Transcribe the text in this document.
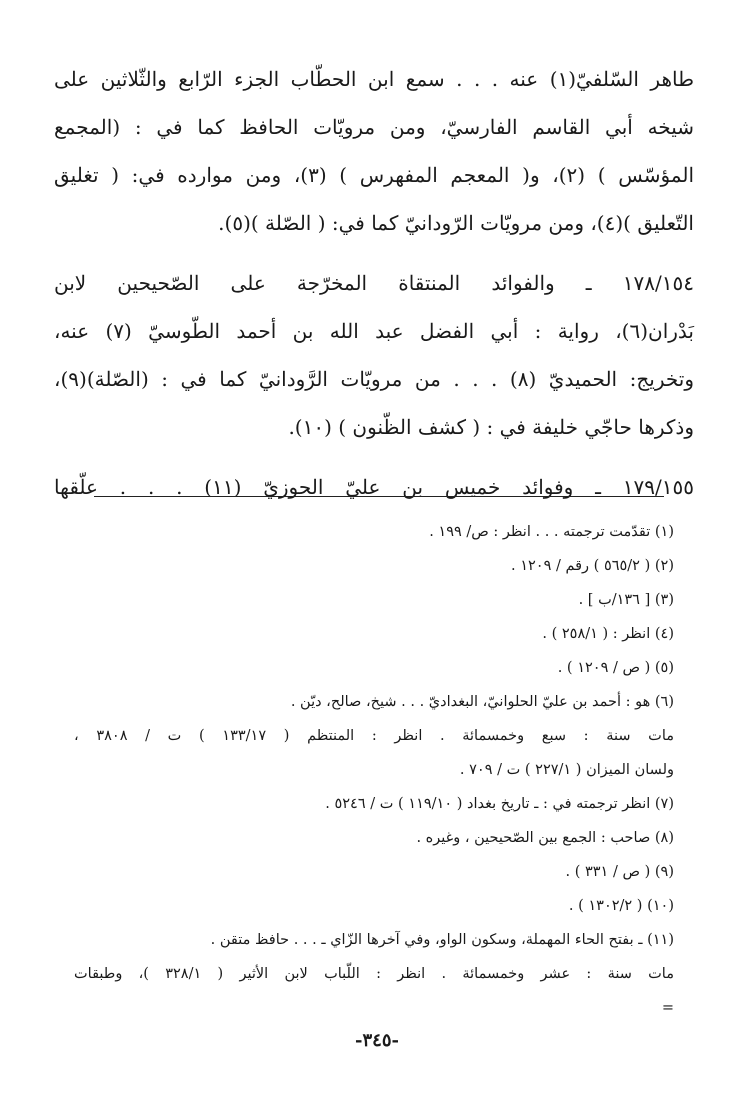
طاهر السّلفيّ(١) عنه . . . سمع ابن الحطّاب الجزء الرّابع والثّلاثين على
شيخه أبي القاسم الفارسيّ، ومن مرويّات الحافظ كما في : (المجمع
المؤسّس ) (٢)، و( المعجم المفهرس ) (٣)، ومن موارده في: ( تغليق
التّعليق )(٤)، ومن مرويّات الرّودانيّ كما في: ( الصّلة )(٥).
١٧٨/١٥٤ ـ والفوائد المنتقاة المخرّجة على الصّحيحين لابن
بَدْران(٦)، رواية : أبي الفضل عبد الله بن أحمد الطّوسيّ (٧) عنه،
وتخريج: الحميديّ (٨) . . . من مرويّات الرَّودانيّ كما في : (الصّلة)(٩)،
وذكرها حاجّي خليفة في : ( كشف الظّنون ) (١٠).
١٧٩/١٥٥ ـ وفوائد خميس بن عليّ الحوزيّ (١١) . . . علّقها
(١) تقدّمت ترجمته . . . انظر : ص/ ١٩٩ .
(٢) ( ٥٦٥/٢ ) رقم / ١٢٠٩ .
(٣) [ ١٣٦/ب ] .
(٤) انظر : ( ٢٥٨/١ ) .
(٥) ( ص / ١٢٠٩ ) .
(٦) هو : أحمد بن عليّ الحلوانيّ، البغداديّ . . . شيخ، صالح، ديّن .
مات سنة : سبع وخمسمائة . انظر : المنتظم ( ١٣٣/١٧ ) ت / ٣٨٠٨ ،
ولسان الميزان ( ٢٢٧/١ ) ت / ٧٠٩ .
(٧) انظر ترجمته في : ـ تاريخ بغداد ( ١١٩/١٠ ) ت / ٥٢٤٦ .
(٨) صاحب : الجمع بين الصّحيحين ، وغيره .
(٩) ( ص / ٣٣١ ) .
(١٠) ( ١٣٠٢/٢ ) .
(١١) ـ بفتح الحاء المهملة، وسكون الواو، وفي آخرها الزّاي ـ . . . حافظ متقن .
مات سنة : عشر وخمسمائة . انظر : اللّباب لابن الأثير ( ٣٢٨/١ )، وطبقات
=
-٣٤٥-
